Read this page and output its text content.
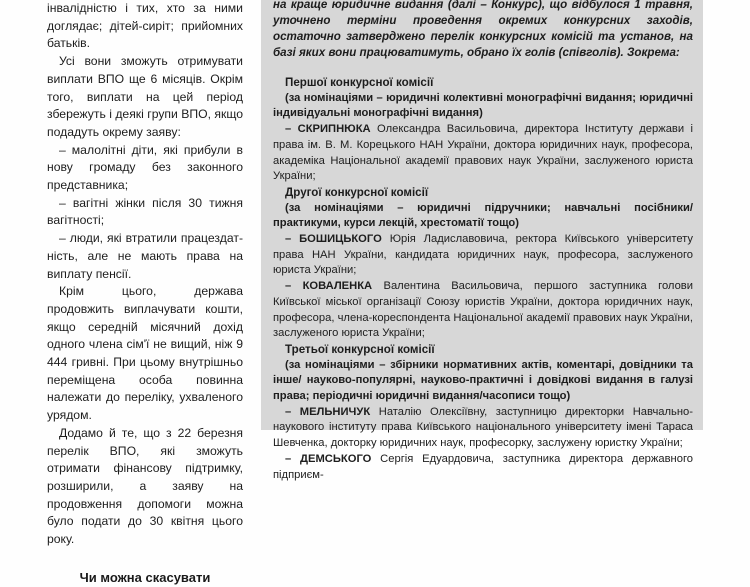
інвалідністю і тих, хто за ними доглядає; дітей-сиріт; прийомних батьків.

Усі вони зможуть отримувати виплати ВПО ще 6 місяців. Окрім того, виплати на цей період збережуть і деякі групи ВПО, якщо подадуть окрему заяву:

– малолітні діти, які прибули в нову громаду без законного представника;

– вагітні жінки після 30 тижня вагітності;

– люди, які втратили працездатність, але не мають права на виплату пенсії.

Крім цього, держава продовжить виплачувати кошти, якщо середній місячний дохід одного члена сім'ї не вищий, ніж 9 444 гривні. При цьому внутрішньо переміщена особа повинна належати до переліку, ухваленого урядом.

Додамо й те, що з 22 березня перелік ВПО, які зможуть отримати фінансову підтримку, розширили, а заяву на продовження допомоги можна було подати до 30 квітня цього року.

Чи можна скасувати

на краще юридичне видання (далі – Конкурс), що відбулося 1 травня, уточнено терміни проведення окремих конкурсних заходів, остаточно затверджено перелік конкурсних комісій та установ, на базі яких вони працюватимуть, обрано їх голів (співголів). Зокрема:

Першої конкурсної комісії

(за номінаціями – юридичні колективні монографічні видання; юридичні індивідуальні монографічні видання)

– СКРИПНЮКА Олександра Васильовича, директора Інституту держави і права ім. В. М. Корецького НАН України, доктора юридичних наук, професора, академіка Національної академії правових наук України, заслуженого юриста України;

Другої конкурсної комісії

(за номінаціями – юридичні підручники; навчальні посібники/практикуми, курси лекцій, хрестоматії тощо)

– БОШИЦЬКОГО Юрія Ладиславовича, ректора Київського університету права НАН України, кандидата юридичних наук, професора, заслуженого юриста України;

– КОВАЛЕНКА Валентина Васильовича, першого заступника голови Київської міської організації Союзу юристів України, доктора юридичних наук, професора, члена-кореспондента Національної академії правових наук України, заслуженого юриста України;

Третьої конкурсної комісії

(за номінаціями – збірники нормативних актів, коментарі, довідники та інше/ науково-популярні, науково-практичні і довідкові видання в галузі права; періодичні юридичні видання/часописи тощо)

– МЕЛЬНИЧУК Наталію Олексіївну, заступницю директорки Навчально-наукового інституту права Київського національного університету імені Тараса Шевченка, докторку юридичних наук, професорку, заслужену юристку України;

– ДЕМСЬКОГО Сергія Едуардовича, заступника директора державного підприєм-
